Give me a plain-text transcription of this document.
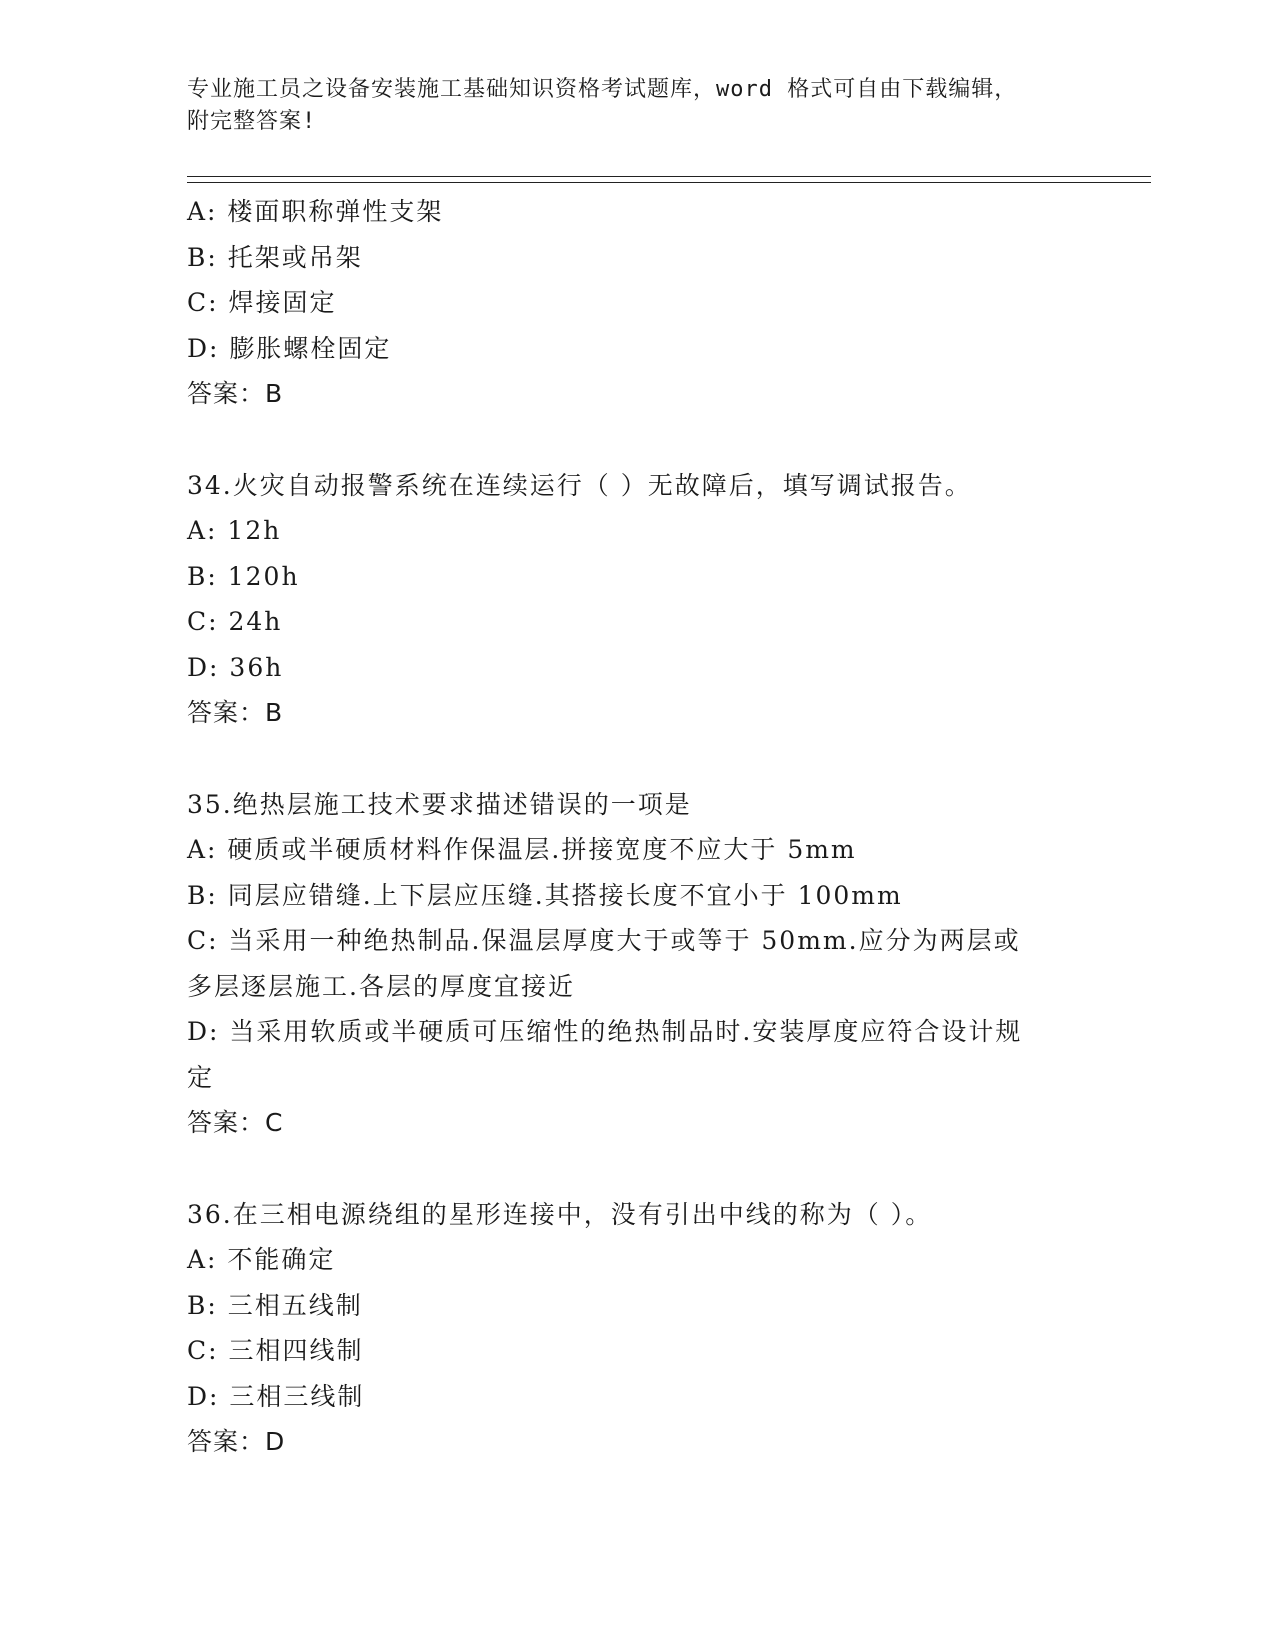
专业施工员之设备安装施工基础知识资格考试题库，word 格式可自由下载编辑，
附完整答案!
A: 楼面职称弹性支架
B: 托架或吊架
C: 焊接固定
D: 膨胀螺栓固定
答案：B
34.火灾自动报警系统在连续运行（ ）无故障后，填写调试报告。
A: 12h
B: 120h
C: 24h
D: 36h
答案：B
35.绝热层施工技术要求描述错误的一项是
A: 硬质或半硬质材料作保温层.拼接宽度不应大于 5mm
B: 同层应错缝.上下层应压缝.其搭接长度不宜小于 100mm
C: 当采用一种绝热制品.保温层厚度大于或等于 50mm.应分为两层或多层逐层施工.各层的厚度宜接近
D: 当采用软质或半硬质可压缩性的绝热制品时.安装厚度应符合设计规定
答案：C
36.在三相电源绕组的星形连接中，没有引出中线的称为（ ）。
A: 不能确定
B: 三相五线制
C: 三相四线制
D: 三相三线制
答案：D
